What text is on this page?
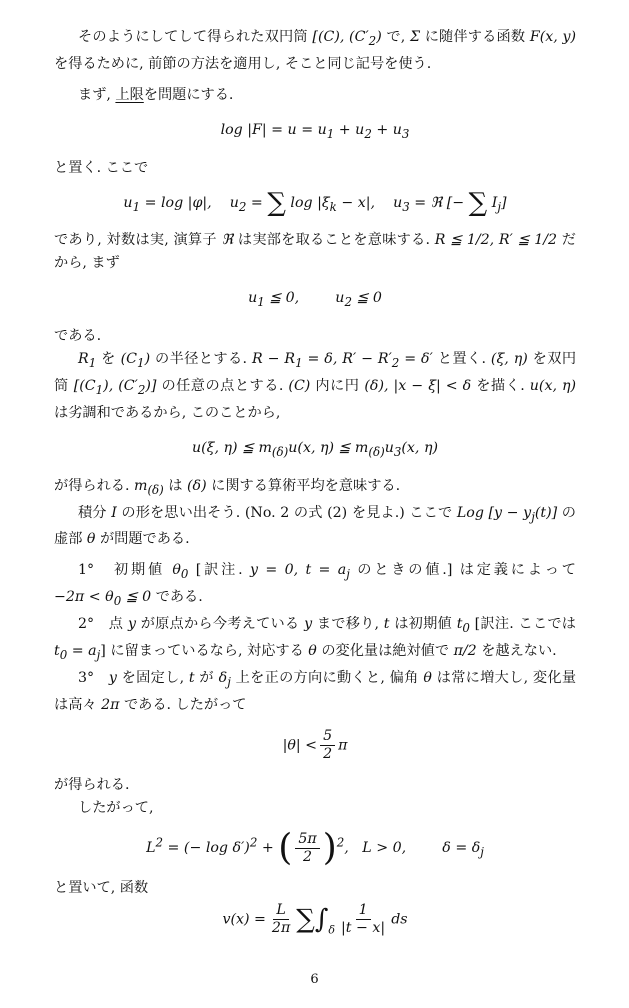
そのようにしてして得られた双円筒 [(C), $(C'_2)$ で, Σ に随伴する函数 F(x, y) を得るために, 前節の方法を適用し, そこと同じ記号を使う.

まず, 上限を問題にする.

$\log |F| = u = u_1 + u_2 + u_3$

と置く. ここで

$u_1 = \log |\varphi|$, $u_2$ = ∑ $\log |\xi_k - x|$, $u_3$ = ℜ [− ∑ $I_j$]

であり, 対数は実, 演算子 ℜ は実部を取ることを意味する. R ≦ 1/2, R′ ≦ 1/2 だから, まず

$u_1$ ≦ 0,	$u_2$ ≦ 0

である.

$R_1$ を $(C_1)$ の半径とする. $R - R_1 = \delta$, $R' - R'_2 = \delta'$ と置く. (ξ, η) を双円筒 [$(C_1)$, $(C'_2)$] の任意の点とする. (C) 内に円 (δ), |x − ξ| < δ を描く. u(x, η) は劣調和であるから, このことから,

u(ξ, η) ≦ $m_{(\delta)}u(x$, η) ≦ $m_{(\delta)}u_3(x$, η)

が得られる. $m_{(\delta)}$ は (δ) に関する算術平均を意味する.

積分 I の形を思い出そう. (No. 2 の式 (2) を見よ.) ここで Log $[y - y_j(t)]$ の虚部 θ が問題である.

1°　初期値 $\theta_0$ [訳注. y = 0, $t = a_j$ のときの値.] は定義によって $-2\pi < \theta_0$ ≦ 0 である.

2°　点 y が原点から今考えている y まで移り, t は初期値 $t_0$ [訳注. ここでは $t_0 = a_j$] に留まっているなら, 対応する θ の変化量は絶対値で π/2 を越えない.

3°　y を固定し, t が $\delta_j$ 上を正の方向に動くと, 偏角 θ は常に増大し, 変化量は高々 2π である. したがって

$|\theta| < \frac{5}{2}$ π

が得られる.

したがって,

$L^2$ = (− log δ′)$^2$ + ( $\frac{5\pi}{2} )^2$,   L > 0,	$\delta = \delta_j$

と置いて, 函数

$v(x) = \frac{L}{2\pi} \sum\int_\delta \frac{1}{|t - x|}$ ds
6
